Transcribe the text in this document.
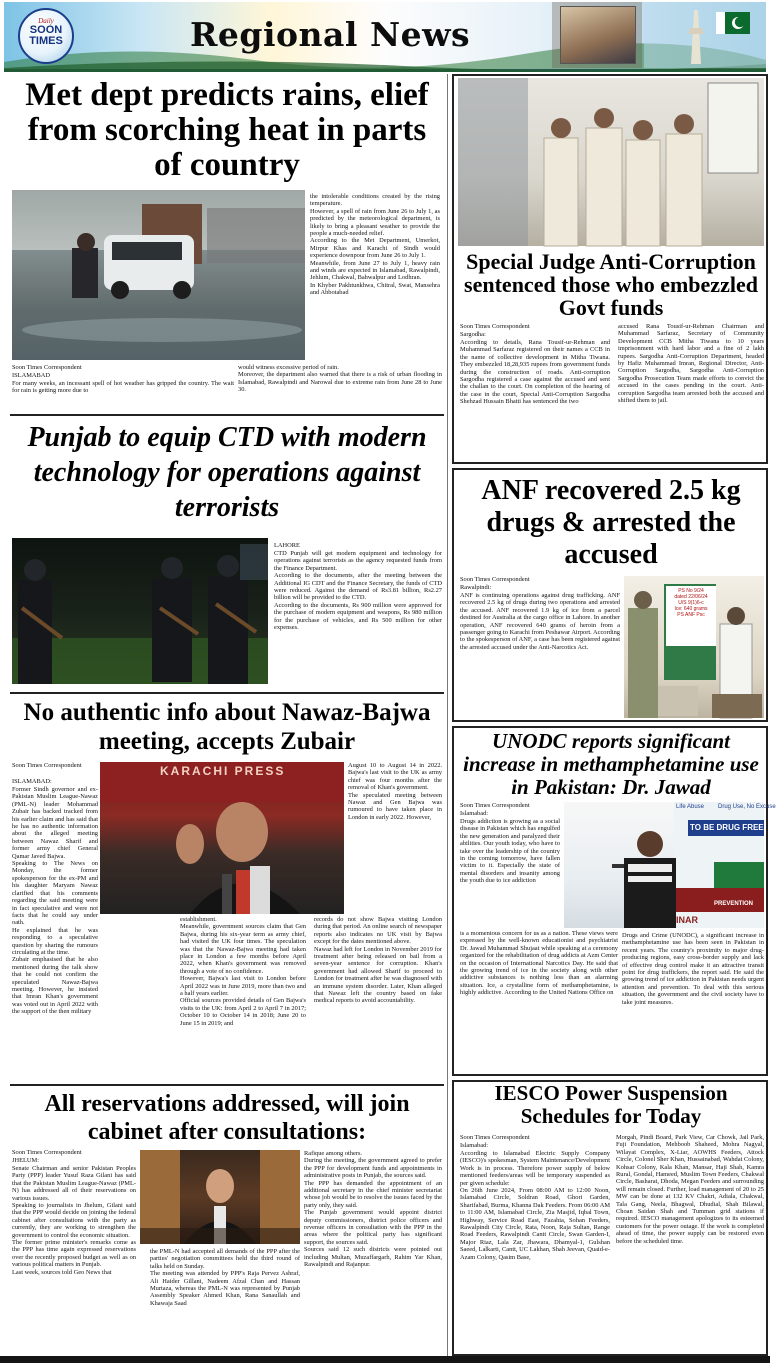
Daily
SOON
TIMES	Regional News
Met dept predicts rains, elief from scorching heat in parts of country
the intolerable conditions created by the rising temperature.
However, a spell of rain from June 26 to July 1, as predicted by the meteorological department, is likely to bring a pleasant weather to provide the people a much-needed relief.
According to the Met Department, Umerkot, Mirpur Khas and Karachi of Sindh would experience downpour from June 26 to July 1.
Meanwhile, from June 27 to July 1, heavy rain and winds are expected in Islamabad, Rawalpindi, Jehlum, Chakwal, Bahwalpur and Lodhran.
In Khyber Pakhtunkhwa, Chitral, Swat, Mansehra and Abbotabad
Soon Times Correspondent
ISLAMABAD
For many weeks, an incessant spell of hot weather has gripped the country. The wait for rain is getting more due to
would witness excessive period of rain.
Moreover, the department also warned that there is a risk of urban flooding in Islamabad, Rawalpindi and Narowal due to extreme rain from June 28 to June 30.
Special Judge Anti-Corruption sentenced those who embezzled Govt funds
Soon Times Correspondent
Sargodha:
According to details, Rana Tousif-ur-Rehman and Muhammad Sarfaraz registered on their names a CCB in the name of collective development in Mitha Tiwana. They embezzled 18,28,935 rupees from government funds during the construction of roads. Anti-corruption Sargodha registered a case against the accused and sent the challan to the court. On completion of the hearing of the case in the court, Special Anti-Corruption Sargodha Shehzad Hussain Bhatti has sentenced the two
accused Rana Tousif-ur-Rehman Chairman and Muhammad Sarfaraz, Secretary of Community Development CCB Mitha Tiwana to 10 years imprisonment with hard labor and a fine of 2 lakh rupees. Sargodha Anti-Corruption Department, headed by Hafiz Muhammad Imran, Regional Director, Anti-Corruption Sargodha, Sargodha Anti-Corruption Sargodha Prosecution Team made efforts to convict the accused in the cases pending in the court. Anti-corruption Sargodha team arrested both the accused and shifted them to jail.
Punjab to equip CTD with modern technology for operations against terrorists
LAHORE
CTD Punjab will get modern equipment and technology for operations against terrorists as the agency requested funds from the Finance Department.
According to the documents, after the meeting between the Additional IG CDT and the Finance Secretary, the funds of CTD were reduced. Against the demand of Rs3.81 billion, Rs2.27 billion will be provided to the CTD.
According to the documents, Rs 900 million were approved for the purchase of modern equipment and weapons, Rs 980 million for the purchase of vehicles, and Rs 500 million for other expenses.
ANF recovered 2.5 kg drugs & arrested the accused
Soon Times Correspondent
Rawalpindi:
ANF is continuing operations against drug trafficking. ANF recovered 2.5 kg of drugs during two operations and arrested the accused. ANF recovered 1.9 kg of ice from a parcel destined for Australia at the cargo office in Lahore. In another operation, ANF recovered 640 grams of heroin from a passenger going to Karachi from Peshawar Airport. According to the spokesperson of ANF, a case has been registered against the arrested accused under the Anti-Narcotics Act.
PS No 9/24
dated 22/06/24
U/S 9(1)6-c
Ice: 640 grams
PS ANF Psc
No authentic info about Nawaz-Bajwa meeting, accepts Zubair
Soon Times Correspondent
ISLAMABAD:
Former Sindh governor and ex-Pakistan Muslim League-Nawaz (PML-N) leader Mohammad Zubair has backed tracked from his earlier claim and has said that he has no authentic information about the alleged meeting between Nawaz Sharif and former army chief General Qamar Javed Bajwa.
Speaking to The News on Monday, the former spokesperson for the ex-PM and his daughter Maryam Nawaz clarified that his comments regarding the said meeting were in fact speculative and were not facts that he could say under oath.
He explained that he was responding to a speculative question by sharing the rumours circulating at the time.
Zubair emphasised that he also mentioned during the talk show that he could not confirm the speculated Nawaz-Bajwa meeting. However, he insisted that Imran Khan's government was voted out in April 2022 with the support of the then military
KARACHI PRESS	August 10 to August 14 in 2022. Bajwa's last visit to the UK as army chief was four months after the removal of Khan's government.
The speculated meeting between Nawaz and Gen Bajwa was rumoured to have taken place in London in early 2022. However,
establishment.
Meanwhile, government sources claim that Gen Bajwa, during his six-year term as army chief, had visited the UK four times. The speculation was that the Nawaz-Bajwa meeting had taken place in London a few months before April 2022, when Khan's government was removed through a vote of no confidence.
However, Bajwa's last visit to London before April 2022 was in June 2019, more than two and a half years earlier.
Official sources provided details of Gen Bajwa's visits to the UK: from April 2 to April 7 in 2017; October 10 to October 14 in 2018; June 20 to June 15 in 2019; and
records do not show Bajwa visiting London during that period. An online search of newspaper reports also indicates no UK visit by Bajwa except for the dates mentioned above.
Nawaz had left for London in November 2019 for treatment after being released on bail from a seven-year sentence for corruption. Khan's government had allowed Sharif to proceed to London for treatment after he was diagnosed with an immune system disorder. Later, Khan alleged that Nawaz left the country based on fake medical reports to avoid accountability.
UNODC reports significant increase in methamphetamine use in Pakistan: Dr. Jawad
Soon Times Correspondent
Islamabad:
Drugs addiction is growing as a social disease in Pakistan which has engulfed the new generation and paralyzed their abilities. Our youth today, who have to take over the leadership of the country in the coming tomorrow, have fallen victim to it. Especially the state of mental disorders and insanity among the youth due to ice addiction
Life Abuse	Drug Use, No Excuse
TO BE DRUG FREE
PREVENTION
INAR
is a momentous concern for us as a nation. These views were expressed by the well-known educationist and psychiatrist Dr. Jawad Muhammad Shujaat while speaking at a ceremony organized for the rehabilitation of drug addicts at Azm Center on the occasion of International Narcotics Day. He said that the growing trend of ice in the society along with other addictive substances is nothing less than an alarming situation. Ice, a crystalline form of methamphetamine, is highly addictive. According to the United Nations Office on
Drugs and Crime (UNODC), a significant increase in methamphetamine use has been seen in Pakistan in recent years. The country's proximity to major drug-producing regions, easy cross-border supply and lack of effective drug control make it an attractive transit point for drug traffickers, the report said. He said the growing trend of ice addiction in Pakistan needs urgent attention and prevention. To deal with this serious situation, the government and the civil society have to take joint measures.
All reservations addressed, will join cabinet after consultations:
Soon Times Correspondent
JHELUM:
Senate Chairman and senior Pakistan Peoples Party (PPP) leader Yusuf Raza Gilani has said that the Pakistan Muslim League-Nawaz (PML-N) has addressed all of their reservations on various issues.
Speaking to journalists in Jhelum, Gilani said that the PPP would decide on joining the federal cabinet after consultations with the party as currently, they are working to strengthen the government to control the economic situation.
The former prime minister's remarks come as the PPP has time again expressed reservations over the recently proposed budget as well as on various political matters in Punjab.
Last week, sources told Geo News that
the PML-N had accepted all demands of the PPP after the parties' negotiation committees held the third round of talks held on Sunday.
The meeting was attended by PPP's Raja Pervez Ashraf, Ali Haider Gillani, Nadeem Afzal Chan and Hassan Murtaza, whereas the PML-N was represented by Punjab Assembly Speaker Ahmed Khan, Rana Sanaullah and Khawaja Saad
Rafique among others.
During the meeting, the government agreed to prefer the PPP for development funds and appointments in administrative posts in Punjab, the sources said.
The PPP has demanded the appointment of an additional secretary in the chief minister secretariat whose job would be to resolve the issues faced by the party only, they said.
The Punjab government would appoint district deputy commissioners, district police officers and revenue officers in consultation with the PPP in the areas where the political party has significant support, the sources said.
Sources said 12 such districts were pointed out including Multan, Muzaffargarh, Rahim Yar Khan, Rawalpindi and Rajanpur.
IESCO Power Suspension Schedules for Today
Soon Times Correspondent
Islamabad:
According to Islamabad Electric Supply Company (IESCO)'s spokesman, System Maintenance/Development Work is in process. Therefore power supply of below mentioned feeders/areas will be temporary suspended as per given schedule:
On 26th June 2024, From 08:00 AM to 12:00 Noon, Islamabad Circle, Soldran Road, Ghori Garden, Sharifabad, Burma, Khanna Dak Feeders. From 06:00 AM to 11:00 AM, Islamabad Circle, Zia Masjid, Iqbal Town, Highway, Service Road East, Fazahia, Sohan Feeders, Rawalpindi City Circle, Rata, Noon, Raja Sultan, Range Road Feeders, Rawalpindi Cantt Circle, Swan Garden-I, Major Riaz, Lala Zar, Jhawara, Dhamyal-1, Gulshan Saeed, Lalkarti, Cantt, UC Lakhan, Shah Jeevan, Quaid-e-Azam Colony, Qasim Base,
Morgah, Pindi Board, Park View, Car Chowk, Jail Park, Fuji Foundation, Mehboob Shaheed, Mohra Nagyal, Wilayat Complex, X-Liar, AOWHS Feeders, Attock Circle, Colonel Sher Khan, Hussainabad, Wahdat Colony, Kohsar Colony, Kala Khan, Mansar, Haji Shah, Kamra Rural, Gondal, Hameed, Muslim Town Feeders, Chakwal Circle, Basharat, Dhoda, Megan Feeders and surrounding will remain closed. Further, load management of 20 to 25 MW can be done at 132 KV Chakri, Adiala, Chakwal, Tala Gang, Neela, Bhagwal, Dhudial, Shah Bilawal, Choan Saidan Shah and Tumman grid stations if required. IESCO management apologizes to its esteemed customers for the power outage. If the work is completed ahead of time, the power supply can be restored even before the scheduled time.
